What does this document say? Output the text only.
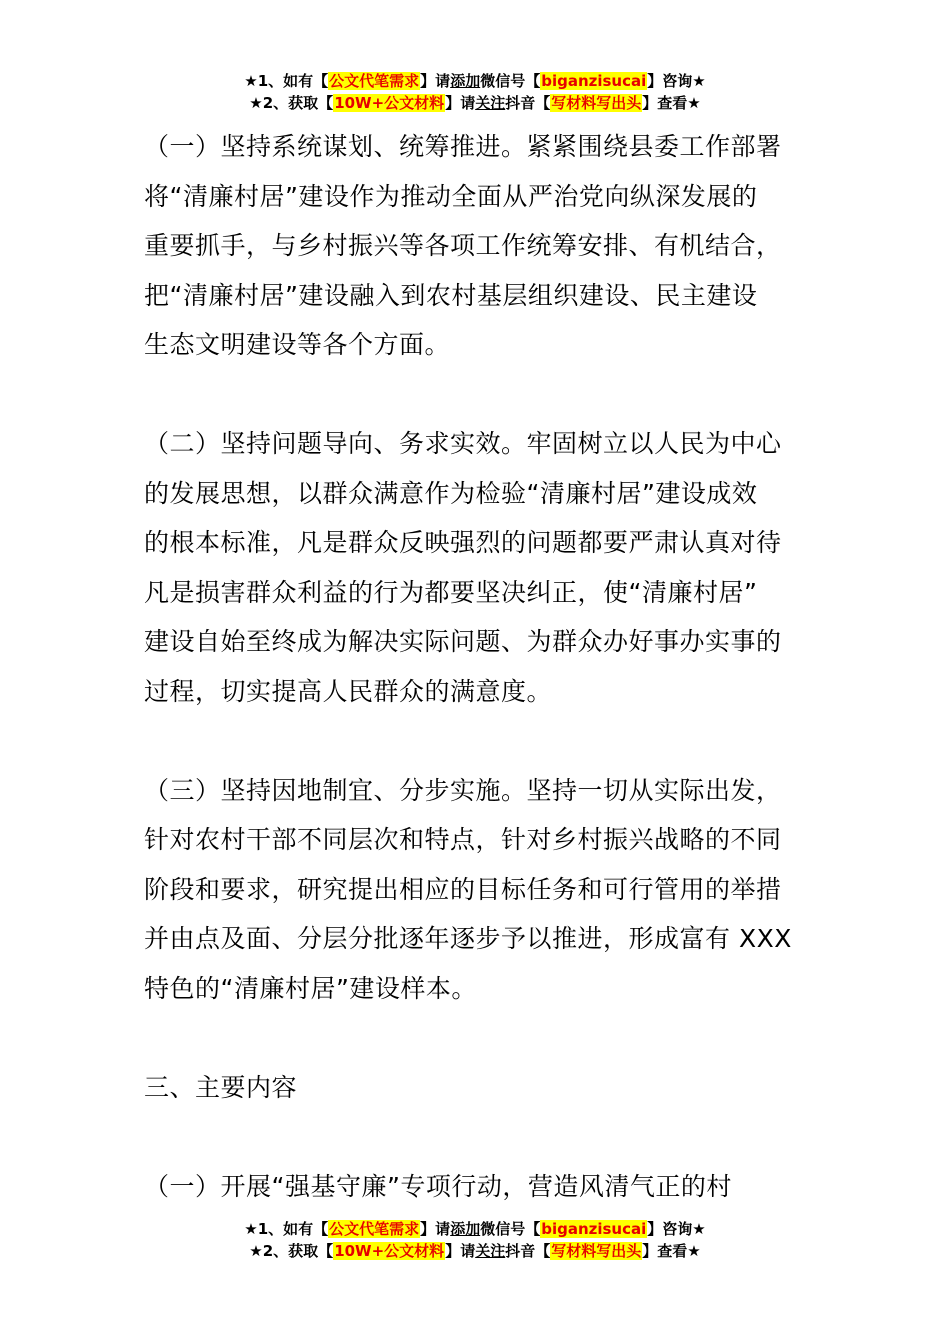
★1、如有【公文代笔需求】请添加微信号【biganzisucai】咨询★
★2、获取【10W+公文材料】请关注抖音【写材料写出头】查看★
（一）坚持系统谋划、统筹推进。紧紧围绕县委工作部署
将“清廉村居”建设作为推动全面从严治党向纵深发展的
重要抓手，与乡村振兴等各项工作统筹安排、有机结合，
把“清廉村居”建设融入到农村基层组织建设、民主建设
生态文明建设等各个方面。
（二）坚持问题导向、务求实效。牢固树立以人民为中心
的发展思想，以群众满意作为检验“清廉村居”建设成效
的根本标准，凡是群众反映强烈的问题都要严肃认真对待
凡是损害群众利益的行为都要坚决纠正，使“清廉村居”
建设自始至终成为解决实际问题、为群众办好事办实事的
过程，切实提高人民群众的满意度。
（三）坚持因地制宜、分步实施。坚持一切从实际出发，
针对农村干部不同层次和特点，针对乡村振兴战略的不同
阶段和要求，研究提出相应的目标任务和可行管用的举措
并由点及面、分层分批逐年逐步予以推进，形成富有 XXX
特色的“清廉村居”建设样本。
三、主要内容
（一）开展“强基守廉”专项行动，营造风清气正的村
★1、如有【公文代笔需求】请添加微信号【biganzisucai】咨询★
★2、获取【10W+公文材料】请关注抖音【写材料写出头】查看★
